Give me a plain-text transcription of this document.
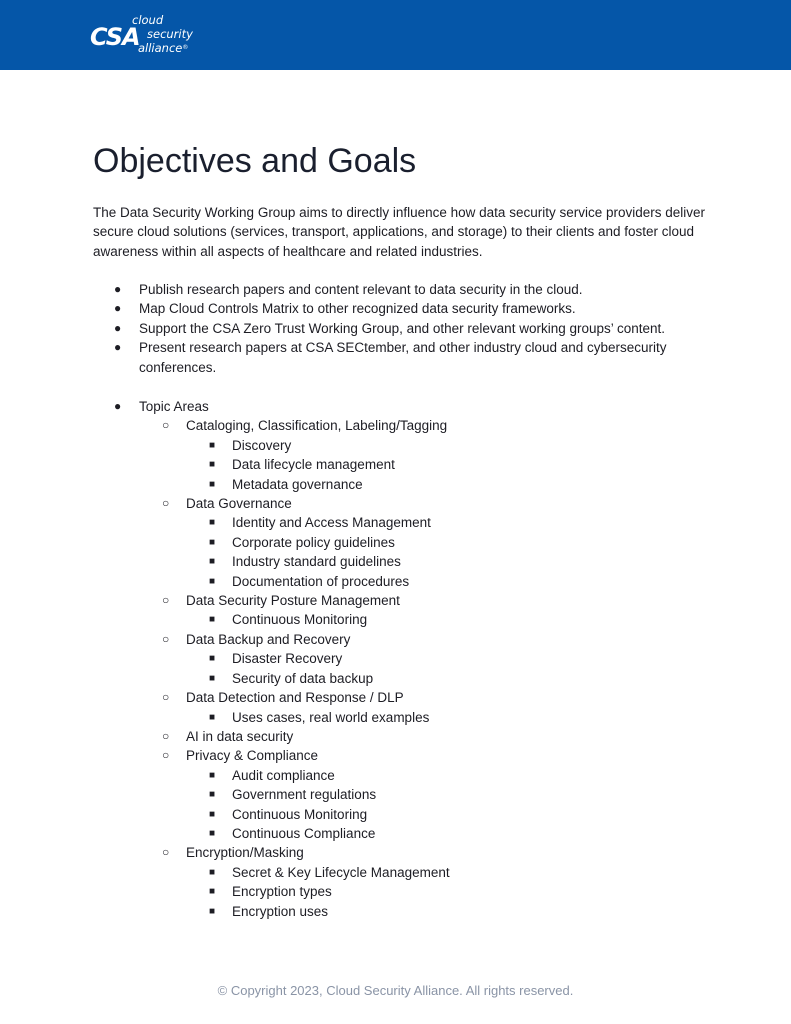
CSA
cloud
security
alliance®
Objectives and Goals

The Data Security Working Group aims to directly influence how data security service providers deliver secure cloud solutions (services, transport, applications, and storage) to their clients and foster cloud awareness within all aspects of healthcare and related industries.

● Publish research papers and content relevant to data security in the cloud.
● Map Cloud Controls Matrix to other recognized data security frameworks.
● Support the CSA Zero Trust Working Group, and other relevant working groups’ content.
● Present research papers at CSA SECtember, and other industry cloud and cybersecurity conferences.
● Topic Areas
○ Cataloging, Classification, Labeling/Tagging
■ Discovery
■ Data lifecycle management
■ Metadata governance
○ Data Governance
■ Identity and Access Management
■ Corporate policy guidelines
■ Industry standard guidelines
■ Documentation of procedures
○ Data Security Posture Management
■ Continuous Monitoring
○ Data Backup and Recovery
■ Disaster Recovery
■ Security of data backup
○ Data Detection and Response / DLP
■ Uses cases, real world examples
○ AI in data security
○ Privacy & Compliance
■ Audit compliance
■ Government regulations
■ Continuous Monitoring
■ Continuous Compliance
○ Encryption/Masking
■ Secret & Key Lifecycle Management
■ Encryption types
■ Encryption uses
© Copyright 2023, Cloud Security Alliance. All rights reserved.
